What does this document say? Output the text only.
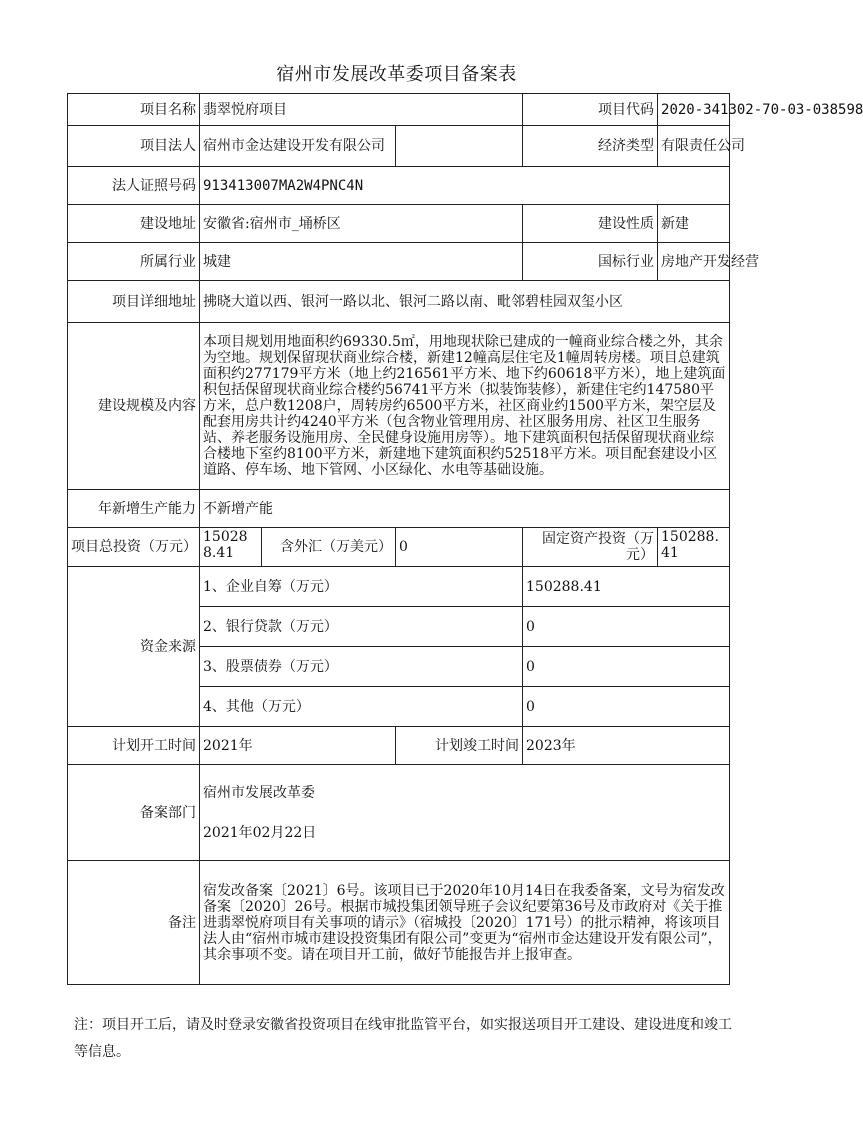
宿州市发展改革委项目备案表
项目名称	翡翠悦府项目			项目代码	2020-341302-70-03-038598
项目法人	宿州市金达建设开发有限公司			经济类型	有限责任公司
法人证照号码	913413007MA2W4PNC4N				
建设地址	安徽省:宿州市_埇桥区			建设性质	新建
所属行业	城建			国标行业	房地产开发经营
项目详细地址	拂晓大道以西、银河一路以北、银河二路以南、毗邻碧桂园双玺小区				
建设规模及内容	本项目规划用地面积约69330.5㎡，用地现状除已建成的一幢商业综合楼之外，其余为空地。规划保留现状商业综合楼，新建12幢高层住宅及1幢周转房楼。项目总建筑面积约277179平方米（地上约216561平方米、地下约60618平方米），地上建筑面积包括保留现状商业综合楼约56741平方米（拟装饰装修），新建住宅约147580平方米，总户数1208户，周转房约6500平方米，社区商业约1500平方米，架空层及配套用房共计约4240平方米（包含物业管理用房、社区服务用房、社区卫生服务站、养老服务设施用房、全民健身设施用房等）。地下建筑面积包括保留现状商业综合楼地下室约8100平方米，新建地下建筑面积约52518平方米。项目配套建设小区道路、停车场、地下管网、小区绿化、水电等基础设施。				
年新增生产能力	不新增产能				
项目总投资（万元）	150288.41	含外汇（万美元）	0	固定资产投资（万元）	150288.41
资金来源	1、企业自筹（万元）			150288.41	
	2、银行贷款（万元）			0	
	3、股票债券（万元）			0	
	4、其他（万元）			0	
计划开工时间	2021年		计划竣工时间	2023年	
备案部门	宿州市发展改革委
2021年02月22日				

备注	宿发改备案〔2021〕6号。该项目已于2020年10月14日在我委备案，文号为宿发改备案〔2020〕26号。根据市城投集团领导班子会议纪要第36号及市政府对《关于推进翡翠悦府项目有关事项的请示》（宿城投〔2020〕171号）的批示精神，将该项目法人由“宿州市城市建设投资集团有限公司”变更为“宿州市金达建设开发有限公司”，其余事项不变。请在项目开工前，做好节能报告并上报审查。				
注：项目开工后，请及时登录安徽省投资项目在线审批监管平台，如实报送项目开工建设、建设进度和竣工等信息。
